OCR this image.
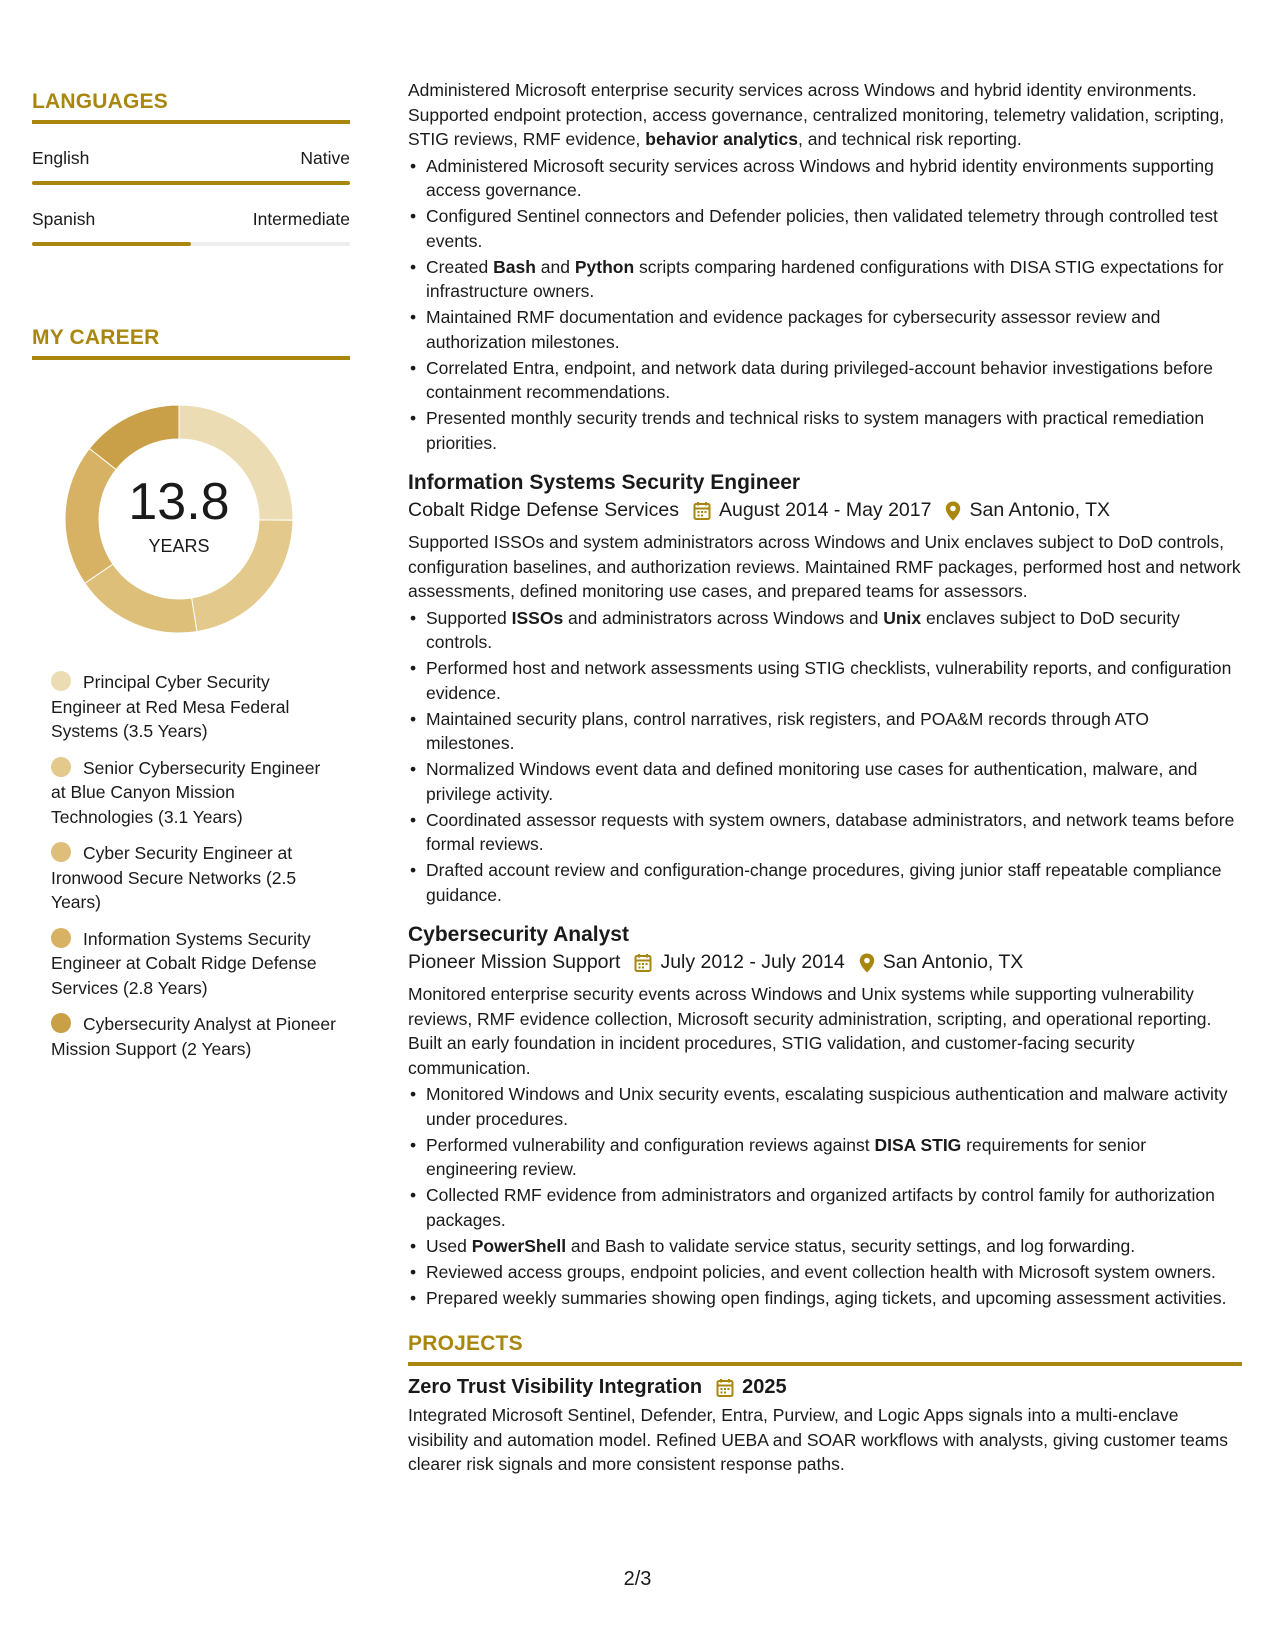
LANGUAGES
English	Native
Spanish	Intermediate
MY CAREER
13.8
YEARS
Principal Cyber Security Engineer at Red Mesa Federal Systems (3.5 Years)
Senior Cybersecurity Engineer at Blue Canyon Mission Technologies (3.1 Years)
Cyber Security Engineer at Ironwood Secure Networks (2.5 Years)
Information Systems Security Engineer at Cobalt Ridge Defense Services (2.8 Years)
Cybersecurity Analyst at Pioneer Mission Support (2 Years)

Administered Microsoft enterprise security services across Windows and hybrid identity environments. Supported endpoint protection, access governance, centralized monitoring, telemetry validation, scripting, STIG reviews, RMF evidence, behavior analytics, and technical risk reporting.

• Administered Microsoft security services across Windows and hybrid identity environments supporting access governance.
• Configured Sentinel connectors and Defender policies, then validated telemetry through controlled test events.
• Created Bash and Python scripts comparing hardened configurations with DISA STIG expectations for infrastructure owners.
• Maintained RMF documentation and evidence packages for cybersecurity assessor review and authorization milestones.
• Correlated Entra, endpoint, and network data during privileged-account behavior investigations before containment recommendations.
• Presented monthly security trends and technical risks to system managers with practical remediation priorities.
Information Systems Security Engineer
Cobalt Ridge Defense Services August 2014 - May 2017 San Antonio, TX

Supported ISSOs and system administrators across Windows and Unix enclaves subject to DoD controls, configuration baselines, and authorization reviews. Maintained RMF packages, performed host and network assessments, defined monitoring use cases, and prepared teams for assessors.

• Supported ISSOs and administrators across Windows and Unix enclaves subject to DoD security controls.
• Performed host and network assessments using STIG checklists, vulnerability reports, and configuration evidence.
• Maintained security plans, control narratives, risk registers, and POA&M records through ATO milestones.
• Normalized Windows event data and defined monitoring use cases for authentication, malware, and privilege activity.
• Coordinated assessor requests with system owners, database administrators, and network teams before formal reviews.
• Drafted account review and configuration-change procedures, giving junior staff repeatable compliance guidance.
Cybersecurity Analyst
Pioneer Mission Support July 2012 - July 2014 San Antonio, TX

Monitored enterprise security events across Windows and Unix systems while supporting vulnerability reviews, RMF evidence collection, Microsoft security administration, scripting, and operational reporting. Built an early foundation in incident procedures, STIG validation, and customer-facing security communication.

• Monitored Windows and Unix security events, escalating suspicious authentication and malware activity under procedures.
• Performed vulnerability and configuration reviews against DISA STIG requirements for senior engineering review.
• Collected RMF evidence from administrators and organized artifacts by control family for authorization packages.
• Used PowerShell and Bash to validate service status, security settings, and log forwarding.
• Reviewed access groups, endpoint policies, and event collection health with Microsoft system owners.
• Prepared weekly summaries showing open findings, aging tickets, and upcoming assessment activities.
PROJECTS
Zero Trust Visibility Integration 2025

Integrated Microsoft Sentinel, Defender, Entra, Purview, and Logic Apps signals into a multi-enclave visibility and automation model. Refined UEBA and SOAR workflows with analysts, giving customer teams clearer risk signals and more consistent response paths.

2/3
